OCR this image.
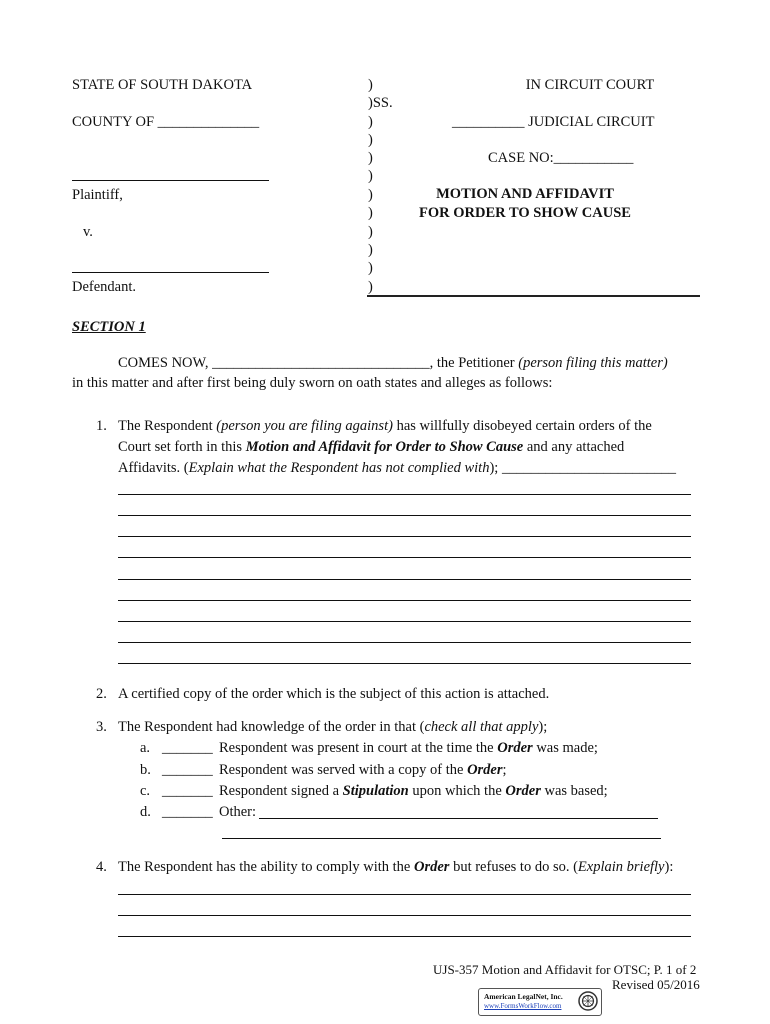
STATE OF SOUTH DAKOTA
COUNTY OF ______________
Plaintiff,
v.
Defendant.
)
)SS.
)
)
)
)
)
)
)
)
)
)
IN CIRCUIT COURT
__________ JUDICIAL CIRCUIT
CASE NO:___________
MOTION AND AFFIDAVIT
FOR ORDER TO SHOW CAUSE
SECTION 1
COMES NOW, ______________________________, the Petitioner (person filing this matter)
in this matter and after first being duly sworn on oath states and alleges as follows:
1. The Respondent (person you are filing against) has willfully disobeyed certain orders of the
Court set forth in this Motion and Affidavit for Order to Show Cause and any attached
Affidavits. (Explain what the Respondent has not complied with); ________________________
2. A certified copy of the order which is the subject of this action is attached.
3. The Respondent had knowledge of the order in that (check all that apply);
a. _______ Respondent was present in court at the time the Order was made;
b. _______ Respondent was served with a copy of the Order;
c. _______ Respondent signed a Stipulation upon which the Order was based;
d. _______ Other:
4. The Respondent has the ability to comply with the Order but refuses to do so. (Explain briefly):
UJS-357 Motion and Affidavit for OTSC; P. 1 of 2
Revised 05/2016
American LegalNet, Inc.
www.FormsWorkFlow.com
